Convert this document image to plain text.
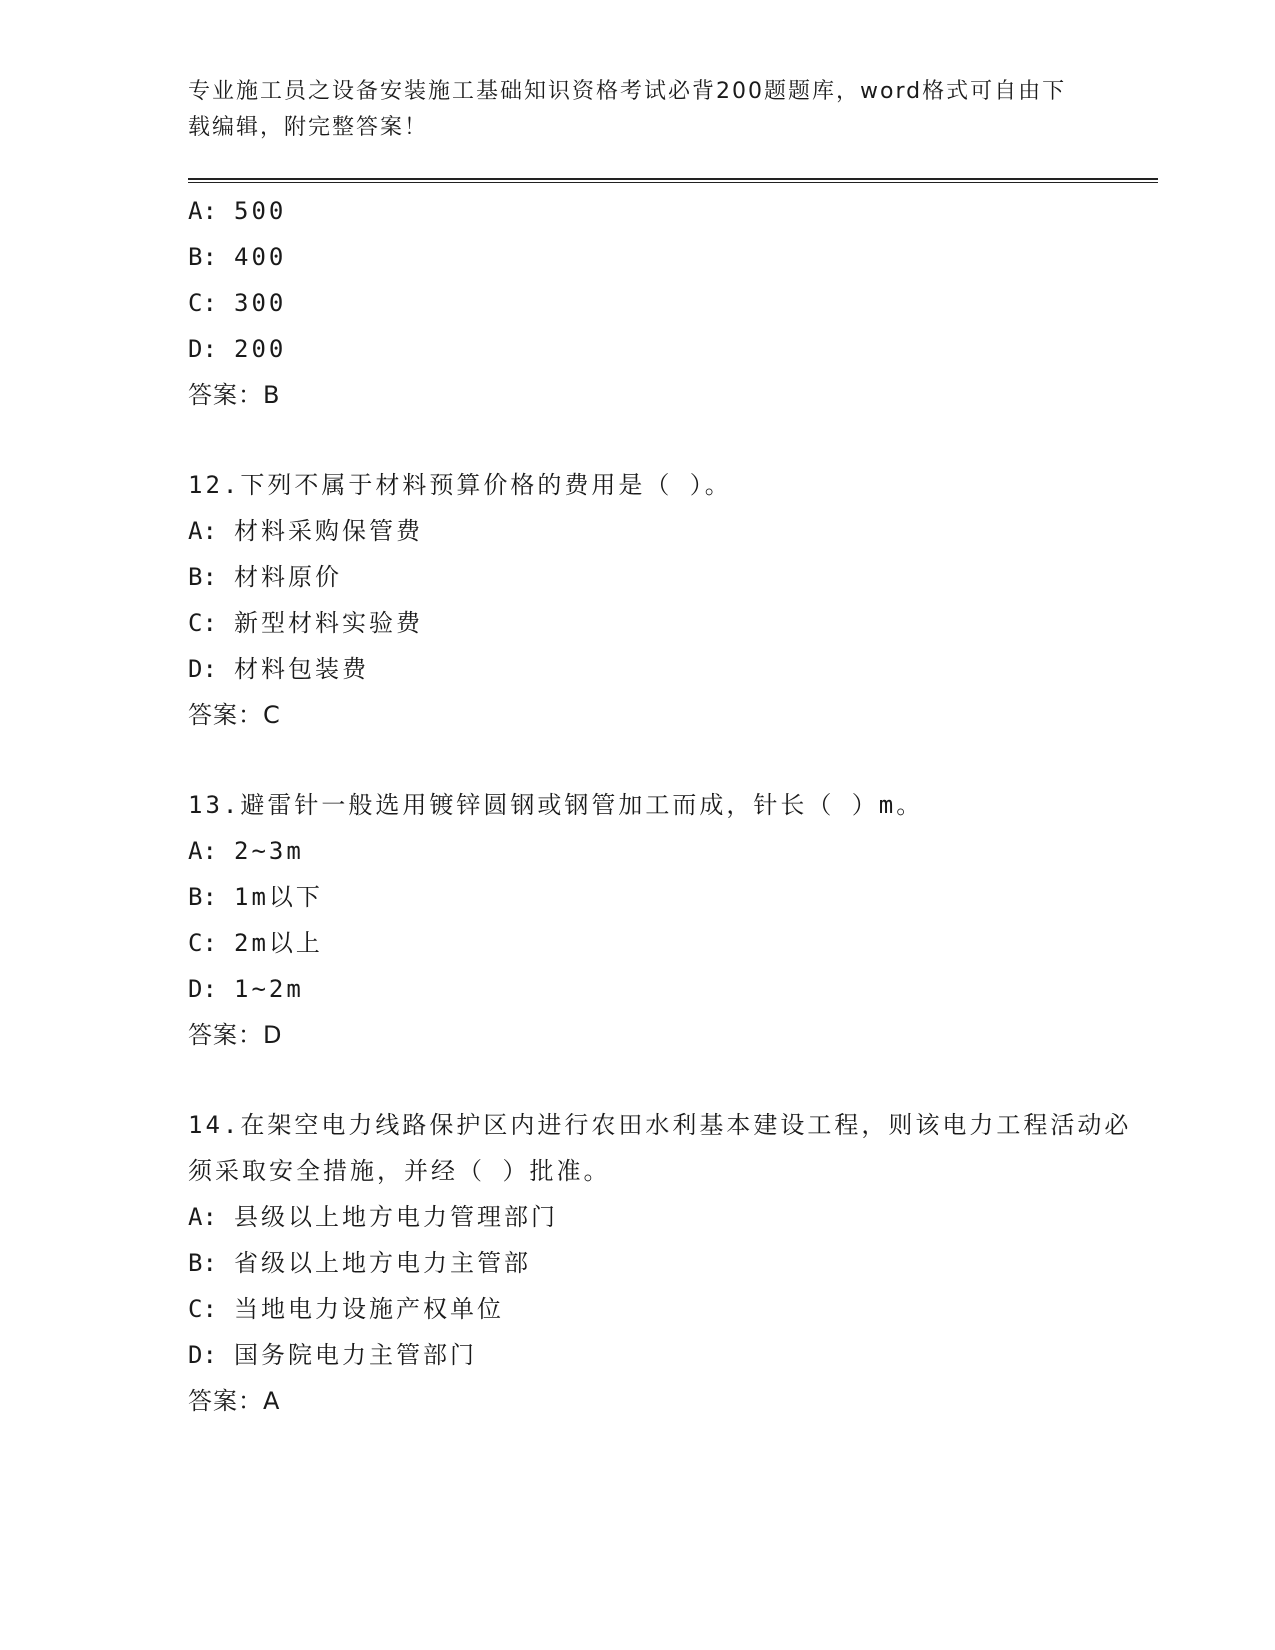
专业施工员之设备安装施工基础知识资格考试必背200题题库，word格式可自由下载编辑，附完整答案！
A: 500
B: 400
C: 300
D: 200
答案：B
12.下列不属于材料预算价格的费用是（ ）。
A: 材料采购保管费
B: 材料原价
C: 新型材料实验费
D: 材料包装费
答案：C
13.避雷针一般选用镀锌圆钢或钢管加工而成，针长（ ）m。
A: 2~3m
B: 1m以下
C: 2m以上
D: 1~2m
答案：D
14.在架空电力线路保护区内进行农田水利基本建设工程，则该电力工程活动必须采取安全措施，并经（ ）批准。
A: 县级以上地方电力管理部门
B: 省级以上地方电力主管部
C: 当地电力设施产权单位
D: 国务院电力主管部门
答案：A
